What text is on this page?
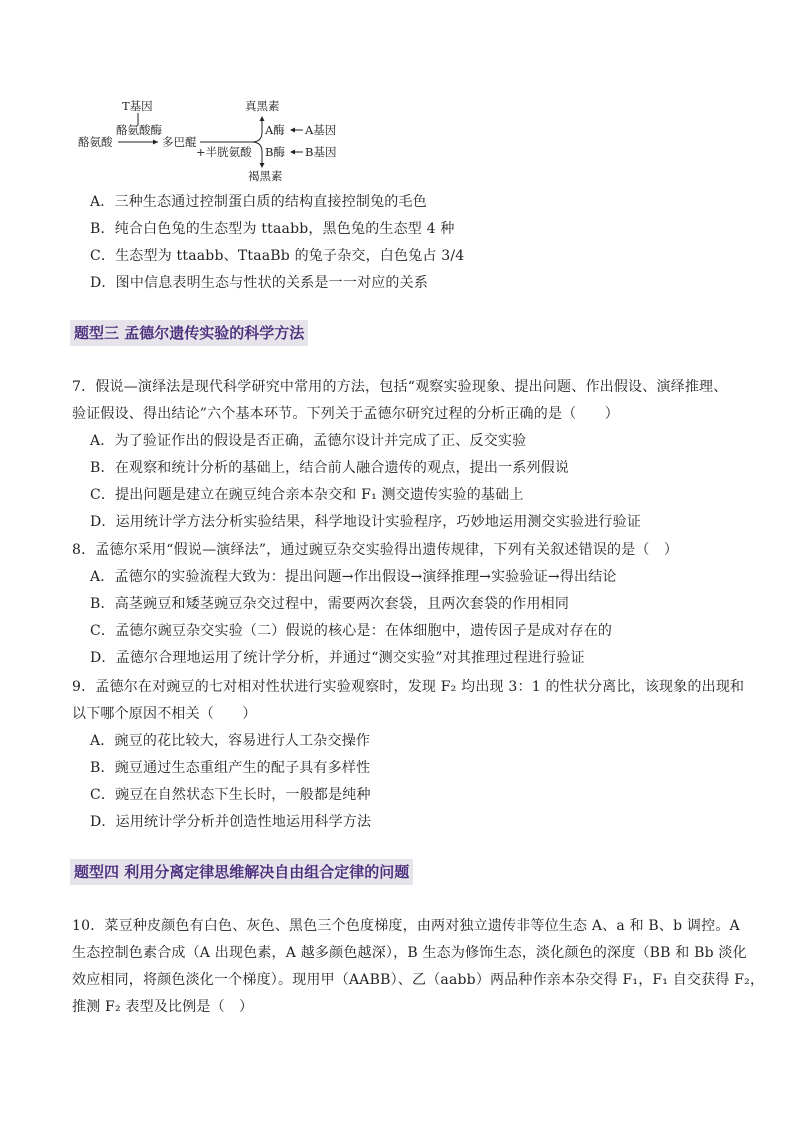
T基因
酪氨酸酶
酪氨酸	多巴醌
真黑素
褐黑素
+半胱氨酸
A酶 A基因
B酶 B基因
A．三种生态通过控制蛋白质的结构直接控制兔的毛色
B．纯合白色兔的生态型为 ttaabb，黑色兔的生态型 4 种
C．生态型为 ttaabb、TtaaBb 的兔子杂交，白色兔占 3/4
D．图中信息表明生态与性状的关系是一一对应的关系
题型三 孟德尔遗传实验的科学方法
7．假说—演绎法是现代科学研究中常用的方法，包括“观察实验现象、提出问题、作出假设、演绎推理、
验证假设、得出结论”六个基本环节。下列关于孟德尔研究过程的分析正确的是（　　）
A．为了验证作出的假设是否正确，孟德尔设计并完成了正、反交实验
B．在观察和统计分析的基础上，结合前人融合遗传的观点，提出一系列假说
C．提出问题是建立在豌豆纯合亲本杂交和 F₁ 测交遗传实验的基础上
D．运用统计学方法分析实验结果，科学地设计实验程序，巧妙地运用测交实验进行验证
8．孟德尔采用“假说—演绎法”，通过豌豆杂交实验得出遗传规律，下列有关叙述错误的是（　）
A．孟德尔的实验流程大致为：提出问题→作出假设→演绎推理→实验验证→得出结论
B．高茎豌豆和矮茎豌豆杂交过程中，需要两次套袋，且两次套袋的作用相同
C．孟德尔豌豆杂交实验（二）假说的核心是：在体细胞中，遗传因子是成对存在的
D．孟德尔合理地运用了统计学分析，并通过“测交实验”对其推理过程进行验证
9．孟德尔在对豌豆的七对相对性状进行实验观察时，发现 F₂ 均出现 3：1 的性状分离比，该现象的出现和
以下哪个原因不相关（　　）
A．豌豆的花比较大，容易进行人工杂交操作
B．豌豆通过生态重组产生的配子具有多样性
C．豌豆在自然状态下生长时，一般都是纯种
D．运用统计学分析并创造性地运用科学方法
题型四 利用分离定律思维解决自由组合定律的问题
10．菜豆种皮颜色有白色、灰色、黑色三个色度梯度，由两对独立遗传非等位生态 A、a 和 B、b 调控。A
生态控制色素合成（A 出现色素，A 越多颜色越深），B 生态为修饰生态，淡化颜色的深度（BB 和 Bb 淡化
效应相同，将颜色淡化一个梯度）。现用甲（AABB）、乙（aabb）两品种作亲本杂交得 F₁，F₁ 自交获得 F₂，
推测 F₂ 表型及比例是（　）
